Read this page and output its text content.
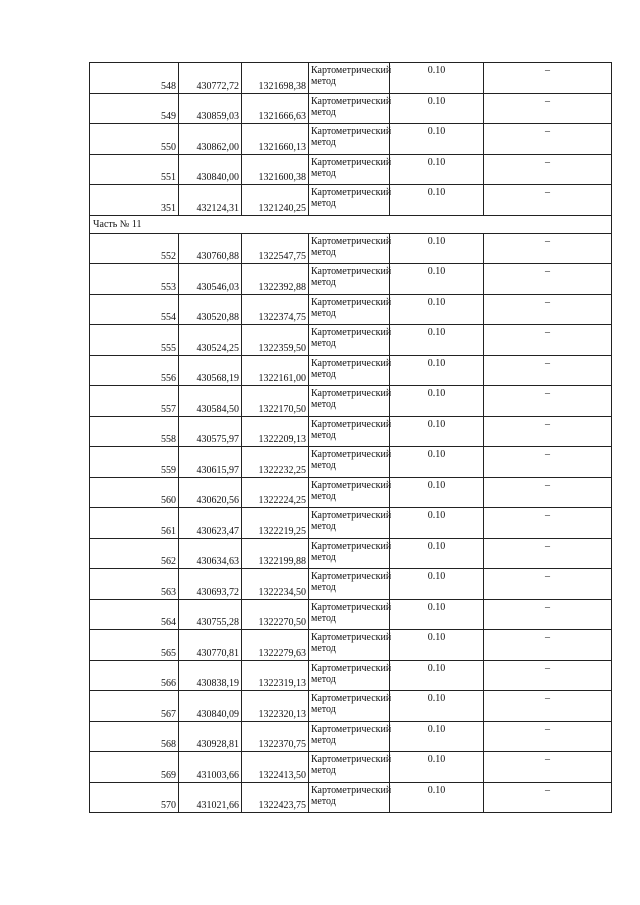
548	430772,72	1321698,38	Картометрический метод	0.10	–
549	430859,03	1321666,63	Картометрический метод	0.10	–
550	430862,00	1321660,13	Картометрический метод	0.10	–
551	430840,00	1321600,38	Картометрический метод	0.10	–
351	432124,31	1321240,25	Картометрический метод	0.10	–
Часть № 11					
552	430760,88	1322547,75	Картометрический метод	0.10	–
553	430546,03	1322392,88	Картометрический метод	0.10	–
554	430520,88	1322374,75	Картометрический метод	0.10	–
555	430524,25	1322359,50	Картометрический метод	0.10	–
556	430568,19	1322161,00	Картометрический метод	0.10	–
557	430584,50	1322170,50	Картометрический метод	0.10	–
558	430575,97	1322209,13	Картометрический метод	0.10	–
559	430615,97	1322232,25	Картометрический метод	0.10	–
560	430620,56	1322224,25	Картометрический метод	0.10	–
561	430623,47	1322219,25	Картометрический метод	0.10	–
562	430634,63	1322199,88	Картометрический метод	0.10	–
563	430693,72	1322234,50	Картометрический метод	0.10	–
564	430755,28	1322270,50	Картометрический метод	0.10	–
565	430770,81	1322279,63	Картометрический метод	0.10	–
566	430838,19	1322319,13	Картометрический метод	0.10	–
567	430840,09	1322320,13	Картометрический метод	0.10	–
568	430928,81	1322370,75	Картометрический метод	0.10	–
569	431003,66	1322413,50	Картометрический метод	0.10	–
570	431021,66	1322423,75	Картометрический метод	0.10	–
